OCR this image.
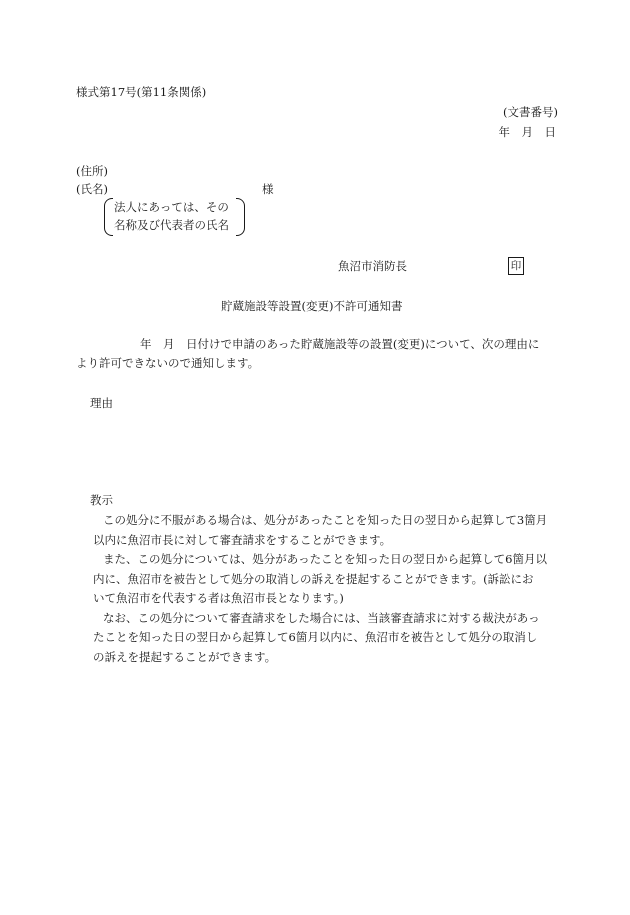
様式第17号(第11条関係)
(文書番号)
年　月　日
(住所)
(氏名)	様
法人にあっては、その
名称及び代表者の氏名
魚沼市消防長	印
貯蔵施設等設置(変更)不許可通知書
年　月　日付けで申請のあった貯蔵施設等の設置(変更)について、次の理由に
より許可できないので通知します。
理由
教示
この処分に不服がある場合は、処分があったことを知った日の翌日から起算して3箇月
以内に魚沼市長に対して審査請求をすることができます。
また、この処分については、処分があったことを知った日の翌日から起算して6箇月以
内に、魚沼市を被告として処分の取消しの訴えを提起することができます。(訴訟にお
いて魚沼市を代表する者は魚沼市長となります。)
なお、この処分について審査請求をした場合には、当該審査請求に対する裁決があっ
たことを知った日の翌日から起算して6箇月以内に、魚沼市を被告として処分の取消し
の訴えを提起することができます。
